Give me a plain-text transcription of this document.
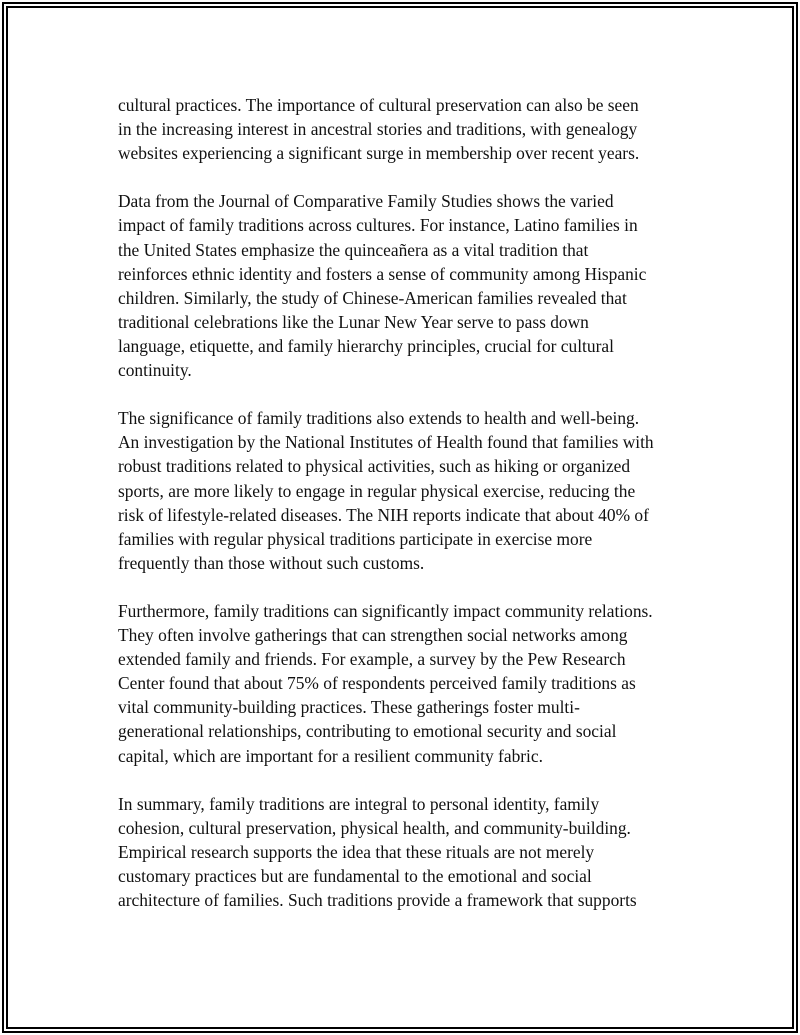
cultural practices. The importance of cultural preservation can also be seen
in the increasing interest in ancestral stories and traditions, with genealogy
websites experiencing a significant surge in membership over recent years.

Data from the Journal of Comparative Family Studies shows the varied
impact of family traditions across cultures. For instance, Latino families in
the United States emphasize the quinceañera as a vital tradition that
reinforces ethnic identity and fosters a sense of community among Hispanic
children. Similarly, the study of Chinese-American families revealed that
traditional celebrations like the Lunar New Year serve to pass down
language, etiquette, and family hierarchy principles, crucial for cultural
continuity.

The significance of family traditions also extends to health and well-being.
An investigation by the National Institutes of Health found that families with
robust traditions related to physical activities, such as hiking or organized
sports, are more likely to engage in regular physical exercise, reducing the
risk of lifestyle-related diseases. The NIH reports indicate that about 40% of
families with regular physical traditions participate in exercise more
frequently than those without such customs.

Furthermore, family traditions can significantly impact community relations.
They often involve gatherings that can strengthen social networks among
extended family and friends. For example, a survey by the Pew Research
Center found that about 75% of respondents perceived family traditions as
vital community-building practices. These gatherings foster multi-
generational relationships, contributing to emotional security and social
capital, which are important for a resilient community fabric.

In summary, family traditions are integral to personal identity, family
cohesion, cultural preservation, physical health, and community-building.
Empirical research supports the idea that these rituals are not merely
customary practices but are fundamental to the emotional and social
architecture of families. Such traditions provide a framework that supports
